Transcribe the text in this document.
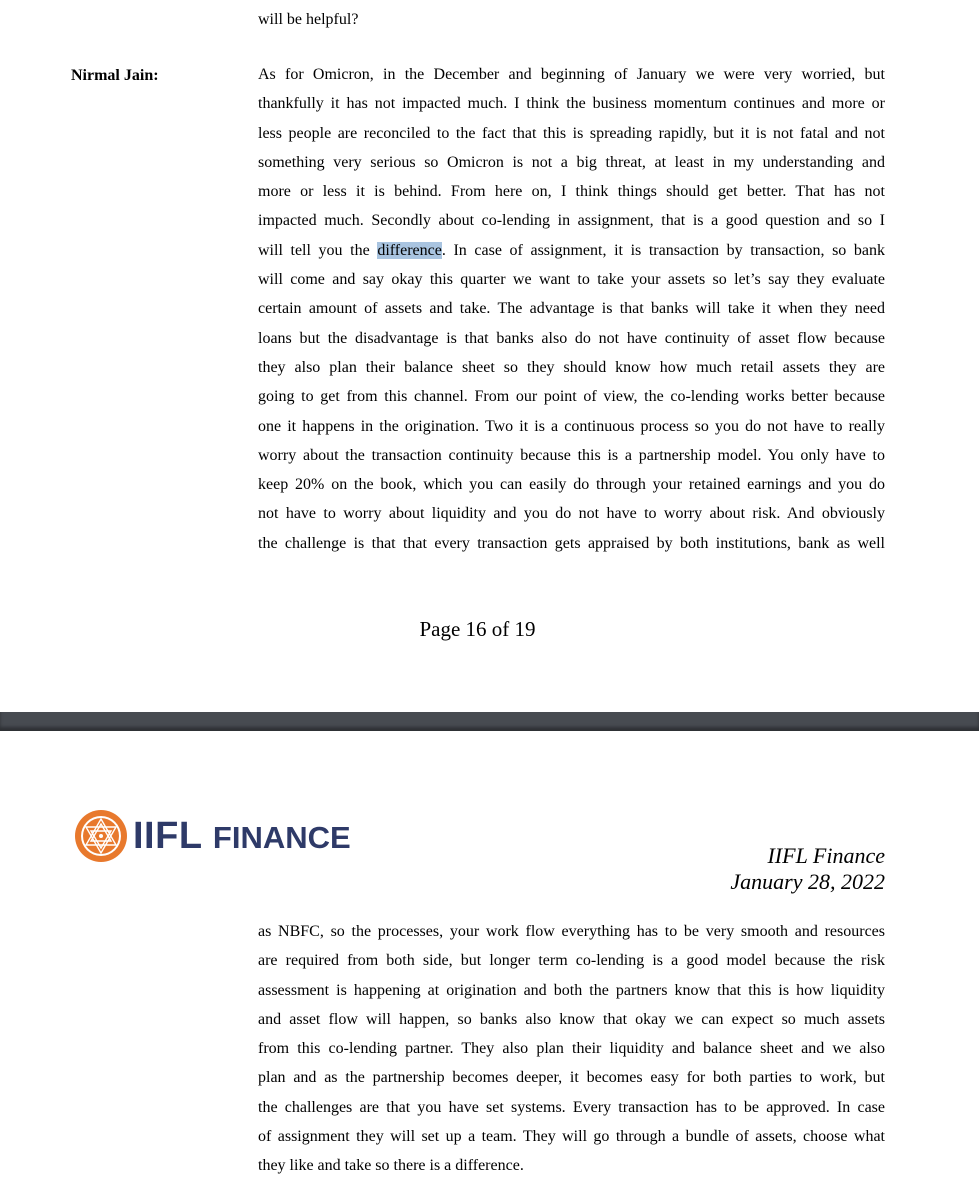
will be helpful?

Nirmal Jain:	As for Omicron, in the December and beginning of January we were very worried, but
thankfully it has not impacted much. I think the business momentum continues and more or
less people are reconciled to the fact that this is spreading rapidly, but it is not fatal and not
something very serious so Omicron is not a big threat, at least in my understanding and
more or less it is behind. From here on, I think things should get better. That has not
impacted much. Secondly about co-lending in assignment, that is a good question and so I
will tell you the difference. In case of assignment, it is transaction by transaction, so bank
will come and say okay this quarter we want to take your assets so let’s say they evaluate
certain amount of assets and take. The advantage is that banks will take it when they need
loans but the disadvantage is that banks also do not have continuity of asset flow because
they also plan their balance sheet so they should know how much retail assets they are
going to get from this channel. From our point of view, the co-lending works better because
one it happens in the origination. Two it is a continuous process so you do not have to really
worry about the transaction continuity because this is a partnership model. You only have to
keep 20% on the book, which you can easily do through your retained earnings and you do
not have to worry about liquidity and you do not have to worry about risk. And obviously
the challenge is that that every transaction gets appraised by both institutions, bank as well

Page 16 of 19
IIFL FINANCE
IIFL Finance
January 28, 2022

as NBFC, so the processes, your work flow everything has to be very smooth and resources
are required from both side, but longer term co-lending is a good model because the risk
assessment is happening at origination and both the partners know that this is how liquidity
and asset flow will happen, so banks also know that okay we can expect so much assets
from this co-lending partner. They also plan their liquidity and balance sheet and we also
plan and as the partnership becomes deeper, it becomes easy for both parties to work, but
the challenges are that you have set systems. Every transaction has to be approved. In case
of assignment they will set up a team. They will go through a bundle of assets, choose what
they like and take so there is a difference.
